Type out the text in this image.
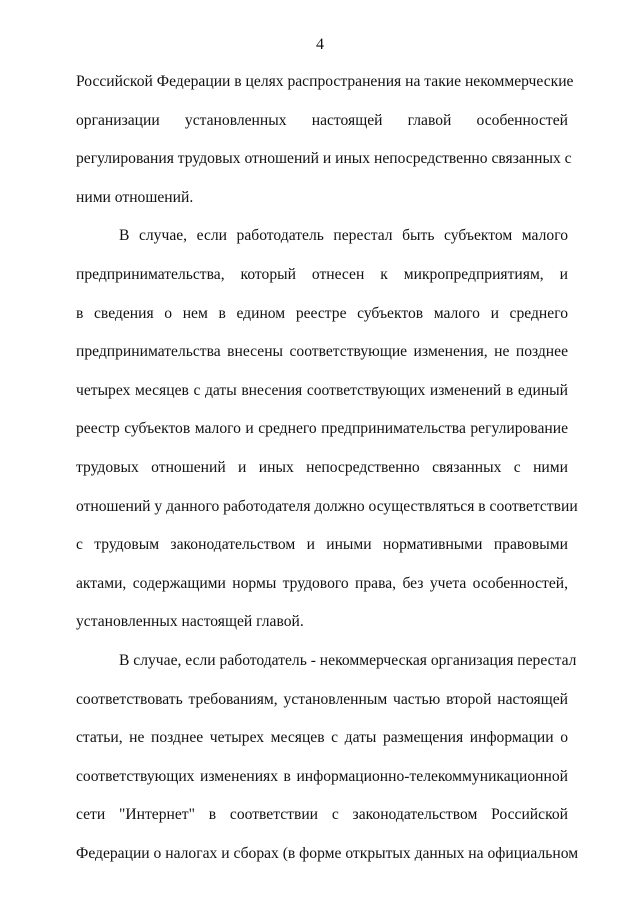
4
Российской Федерации в целях распространения на такие некоммерческие
организации установленных настоящей главой особенностей
регулирования трудовых отношений и иных непосредственно связанных с
ними отношений.
В случае, если работодатель перестал быть субъектом малого
предпринимательства, который отнесен к микропредприятиям, и
в сведения о нем в едином реестре субъектов малого и среднего
предпринимательства внесены соответствующие изменения, не позднее
четырех месяцев с даты внесения соответствующих изменений в единый
реестр субъектов малого и среднего предпринимательства регулирование
трудовых отношений и иных непосредственно связанных с ними
отношений у данного работодателя должно осуществляться в соответствии
с трудовым законодательством и иными нормативными правовыми
актами, содержащими нормы трудового права, без учета особенностей,
установленных настоящей главой.
В случае, если работодатель - некоммерческая организация перестал
соответствовать требованиям, установленным частью второй настоящей
статьи, не позднее четырех месяцев с даты размещения информации о
соответствующих изменениях в информационно-телекоммуникационной
сети "Интернет" в соответствии с законодательством Российской
Федерации о налогах и сборах (в форме открытых данных на официальном
